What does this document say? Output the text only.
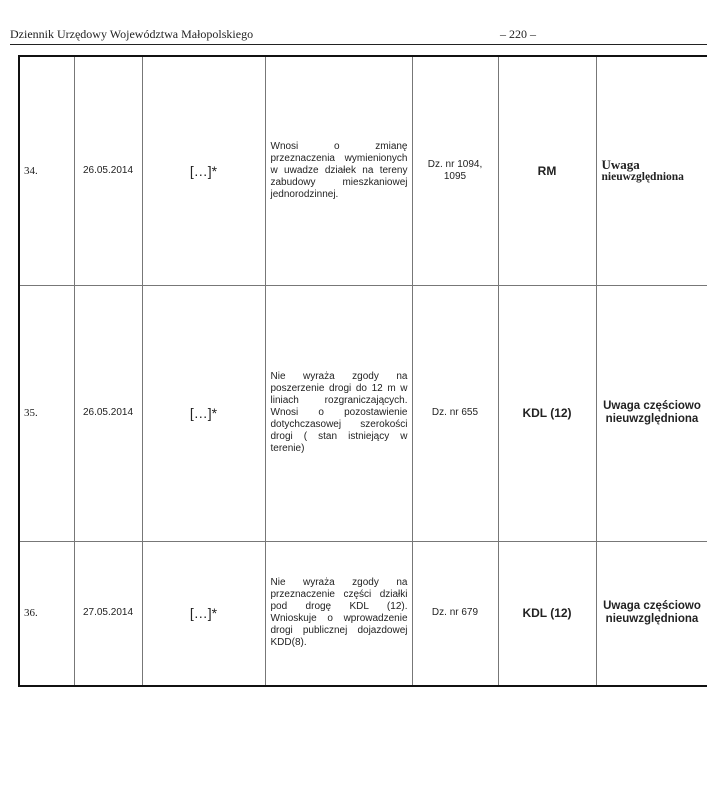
Dziennik Urzędowy Województwa Małopolskiego	– 220 –
34.	26.05.2014	[…]*	Wnosi o zmianę przeznaczenia wymienionych w uwadze działek na tereny zabudowy mieszkaniowej jednorodzinnej.	Dz. nr 1094, 1095	RM	Uwaga
nieuwzględniona

35.	26.05.2014	[…]*	Nie wyraża zgody na poszerzenie drogi do 12 m w liniach rozgraniczających. Wnosi o pozostawienie dotychczasowej szerokości drogi ( stan istniejący w terenie)	Dz. nr 655	KDL (12)	Uwaga częściowo nieuwzględniona
36.	27.05.2014	[…]*	Nie wyraża zgody na przeznaczenie części działki pod drogę KDL (12). Wnioskuje o wprowadzenie drogi publicznej dojazdowej KDD(8).	Dz. nr 679	KDL (12)	Uwaga częściowo nieuwzględniona
